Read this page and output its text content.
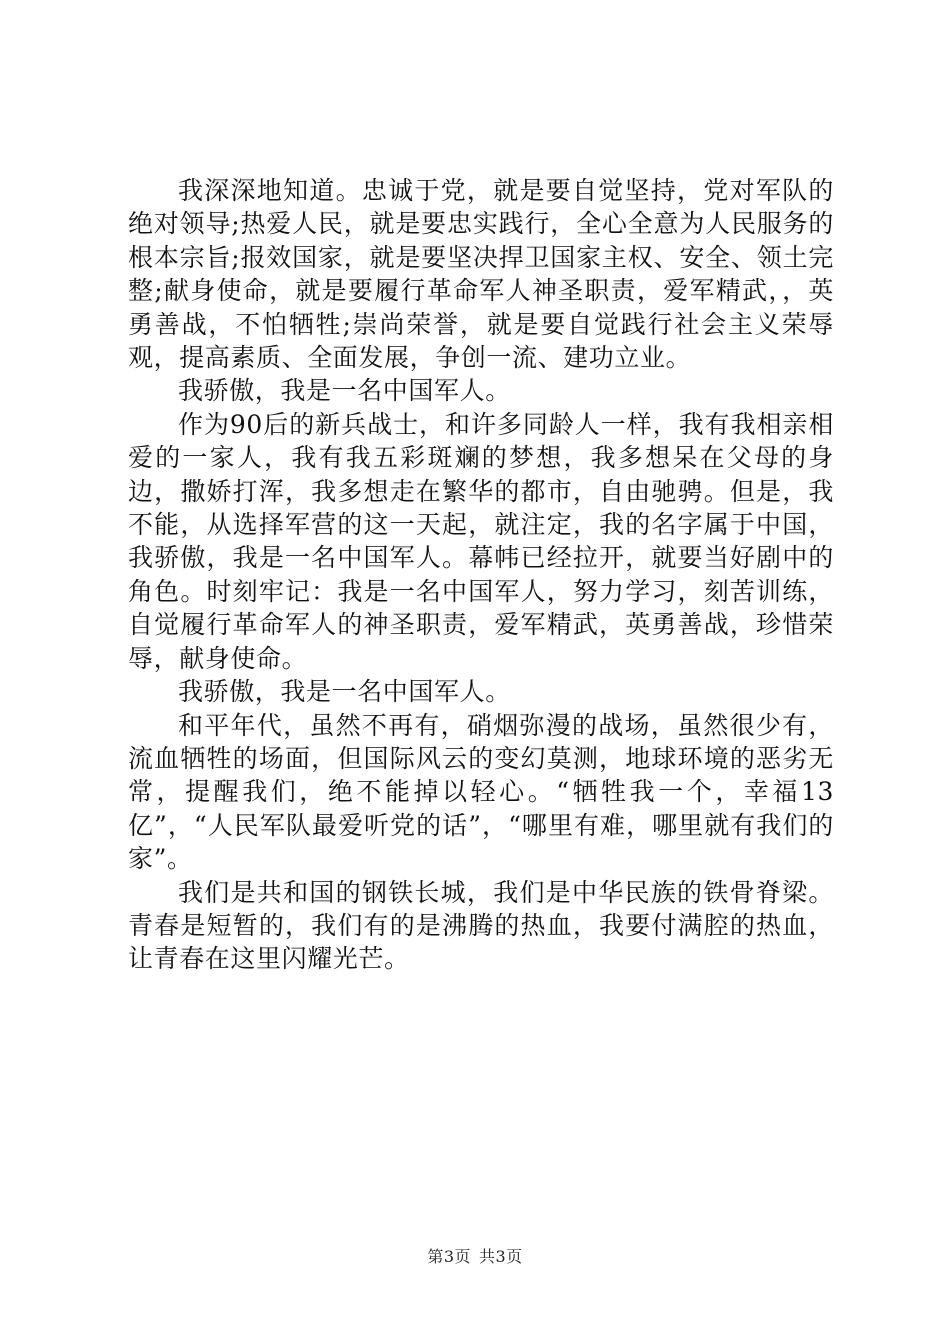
我深深地知道。忠诚于党，就是要自觉坚持，党对军队的绝对领导;热爱人民，就是要忠实践行，全心全意为人民服务的根本宗旨;报效国家，就是要坚决捍卫国家主权、安全、领土完整;献身使命，就是要履行革命军人神圣职责，爱军精武，，英勇善战，不怕牺牲;崇尚荣誉，就是要自觉践行社会主义荣辱观，提高素质、全面发展，争创一流、建功立业。

我骄傲，我是一名中国军人。

作为90后的新兵战士，和许多同龄人一样，我有我相亲相爱的一家人，我有我五彩斑斓的梦想，我多想呆在父母的身边，撒娇打浑，我多想走在繁华的都市，自由驰骋。但是，我不能，从选择军营的这一天起，就注定，我的名字属于中国，我骄傲，我是一名中国军人。幕帏已经拉开，就要当好剧中的角色。时刻牢记：我是一名中国军人，努力学习，刻苦训练，自觉履行革命军人的神圣职责，爱军精武，英勇善战，珍惜荣辱，献身使命。

我骄傲，我是一名中国军人。

和平年代，虽然不再有，硝烟弥漫的战场，虽然很少有，流血牺牲的场面，但国际风云的变幻莫测，地球环境的恶劣无常，提醒我们，绝不能掉以轻心。“牺牲我一个，幸福13亿”，“人民军队最爱听党的话”，“哪里有难，哪里就有我们的家”。

我们是共和国的钢铁长城，我们是中华民族的铁骨脊梁。青春是短暂的，我们有的是沸腾的热血，我要付满腔的热血，让青春在这里闪耀光芒。

第3页 共3页
